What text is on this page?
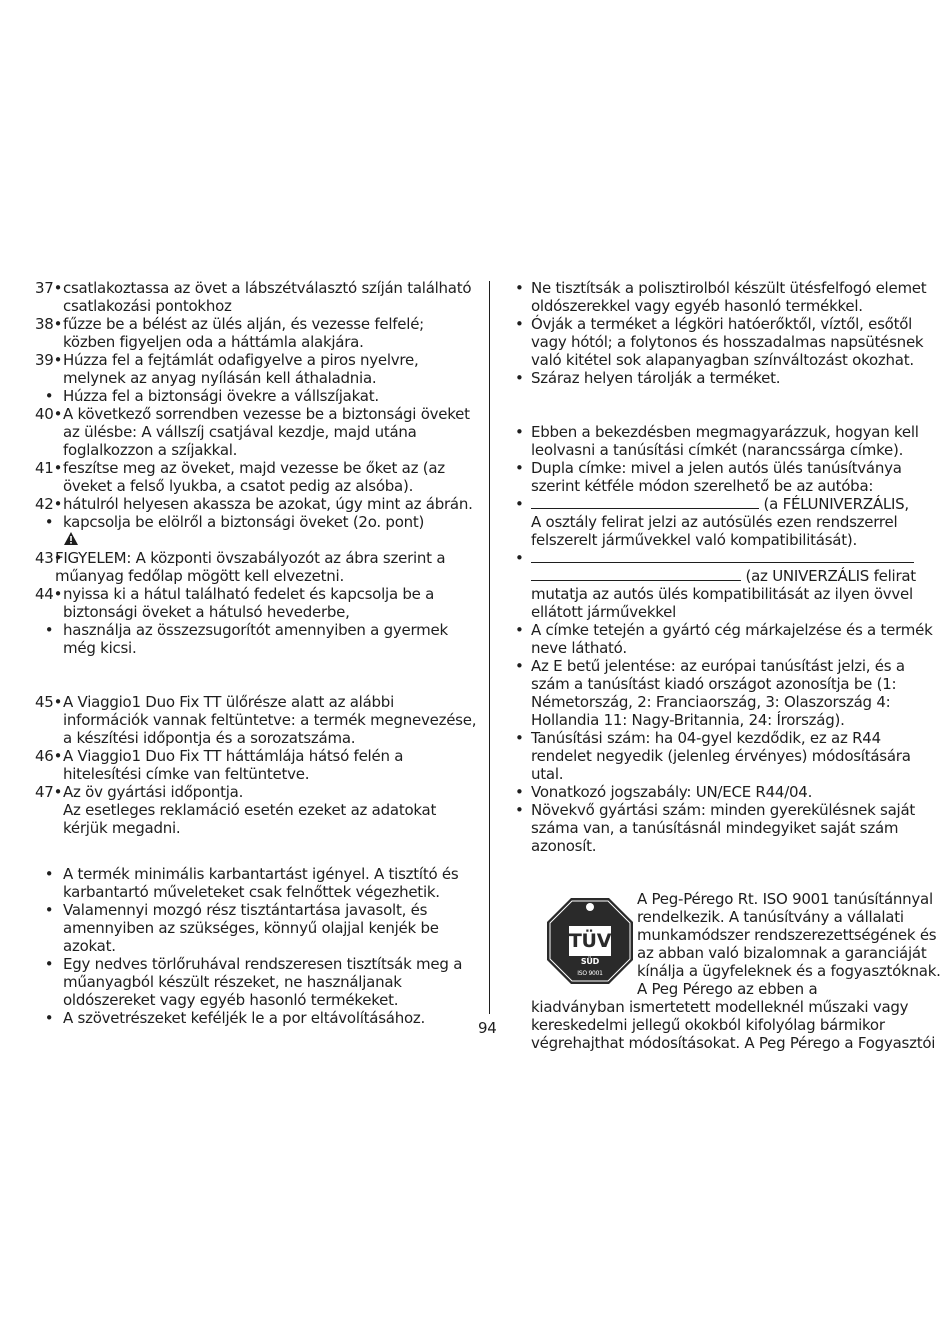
37• csatlakoztassa az övet a lábszétválasztó szíján található csatlakozási pontokhoz
38• fűzze be a bélést az ülés alján, és vezesse felfelé; közben figyeljen oda a háttámla alakjára.
39• Húzza fel a fejtámlát odafigyelve a piros nyelvre, melynek az anyag nyílásán kell áthaladnia.
• Húzza fel a biztonsági övekre a vállszíjakat.
40• A következő sorrendben vezesse be a biztonsági öveket az ülésbe: A vállszíj csatjával kezdje, majd utána foglalkozzon a szíjakkal.
41• feszítse meg az öveket, majd vezesse be őket az (az öveket a felső lyukba, a csatot pedig az alsóba).
42• hátulról helyesen akassza be azokat, úgy mint az ábrán.
• kapcsolja be elölről a biztonsági öveket (2o. pont)
43•
FIGYELEM: A központi övszabályozót az ábra szerint a műanyag fedőlap mögött kell elvezetni.
44• nyissa ki a hátul található fedelet és kapcsolja be a biztonsági öveket a hátulsó hevederbe,
• használja az összezsugorítót amennyiben a gyermek még kicsi.
45• A Viaggio1 Duo Fix TT ülőrésze alatt az alábbi információk vannak feltüntetve: a termék megnevezése, a készítési időpontja és a sorozatszáma.
46• A Viaggio1 Duo Fix TT háttámlája hátsó felén a hitelesítési címke van feltüntetve.
47• Az öv gyártási időpontja.
Az esetleges reklamáció esetén ezeket az adatokat kérjük megadni.
• A termék minimális karbantartást igényel. A tisztító és karbantartó műveleteket csak felnőttek végezhetik.
• Valamennyi mozgó rész tisztántartása javasolt, és amennyiben az szükséges, könnyű olajjal kenjék be azokat.
• Egy nedves törlőruhával rendszeresen tisztítsák meg a műanyagból készült részeket, ne használjanak oldószereket vagy egyéb hasonló termékeket.
• A szövetrészeket keféljék le a por eltávolításához.
• Ne tisztítsák a polisztirolból készült ütésfelfogó elemet oldószerekkel vagy egyéb hasonló termékkel.
• Óvják a terméket a légköri hatóerőktől, víztől, esőtől vagy hótól; a folytonos és hosszadalmas napsütésnek való kitétel sok alapanyagban színváltozást okozhat.
• Száraz helyen tárolják a terméket.
• Ebben a bekezdésben megmagyarázzuk, hogyan kell leolvasni a tanúsítási címkét (narancssárga címke).
• Dupla címke: mivel a jelen autós ülés tanúsítványa szerint kétféle módon szerelhető be az autóba:
•	(a FÉLUNIVERZÁLIS,
A osztály felirat jelzi az autósülés ezen rendszerrel felszerelt járművekkel való kompatibilitását).
•

(az UNIVERZÁLIS felirat
mutatja az autós ülés kompatibilitását az ilyen övvel ellátott járművekkel
• A címke tetején a gyártó cég márkajelzése és a termék neve látható.
• Az E betű jelentése: az európai tanúsítást jelzi, és a szám a tanúsítást kiadó országot azonosítja be (1: Németország, 2: Franciaország, 3: Olaszország 4: Hollandia 11: Nagy-Britannia, 24: Írország).
• Tanúsítási szám: ha 04-gyel kezdődik, ez az R44 rendelet negyedik (jelenleg érvényes) módosítására utal.
• Vonatkozó jogszabály: UN/ECE R44/04.
• Növekvő gyártási szám: minden gyerekülésnek saját száma van, a tanúsításnál mindegyiket saját szám azonosít.
TÜV
SÜD
ISO 9001
A Peg-Pérego Rt. ISO 9001 tanúsítánnyal rendelkezik. A tanúsítvány a vállalati munkamódszer rendszerezettségének és az abban való bizalomnak a garanciáját kínálja a ügyfeleknek és a fogyasztóknak. A Peg Pérego az ebben a
kiadványban ismertetett modelleknél műszaki vagy kereskedelmi jellegű okokból kifolyólag bármikor végrehajthat módosításokat. A Peg Pérego a Fogyasztói
94
